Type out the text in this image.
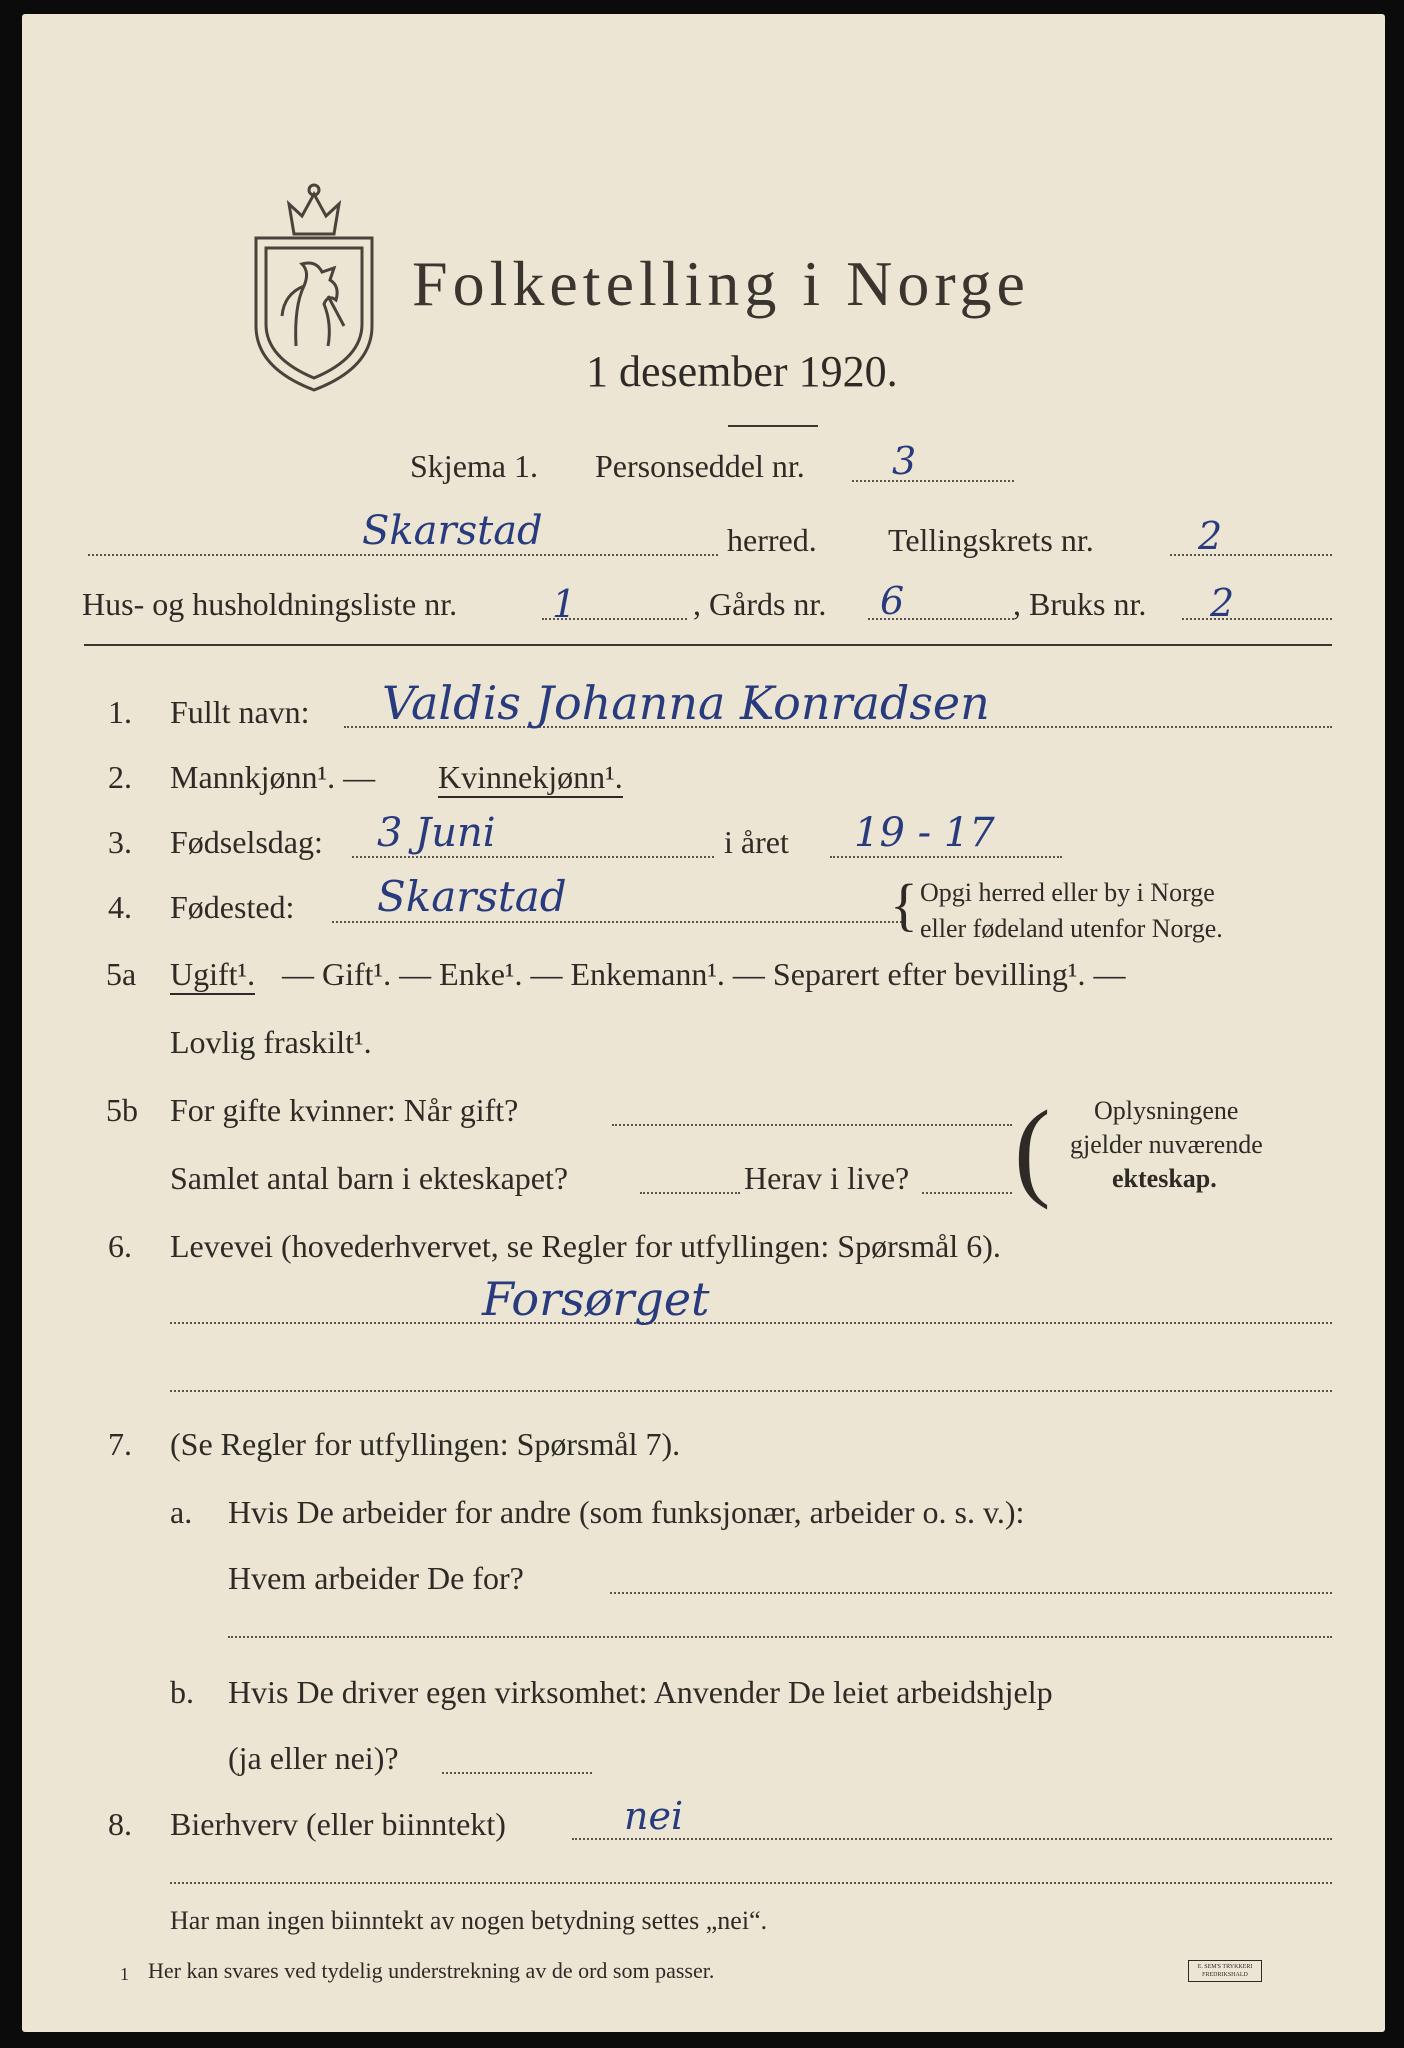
Folketelling i Norge
1 desember 1920.
Skjema 1. Personseddel nr. 3
Skarstad	herred. Tellingskrets nr.	2
Hus- og husholdningsliste nr. 1	, Gårds nr. 6	, Bruks nr. 2
1. Fullt navn: Valdis Johanna Konradsen
2. Mannkjønn¹. — Kvinnekjønn¹.
3. Fødselsdag: 3 Juni	i året 19 - 17
4. Fødested: Skarstad	{ Opgi herred eller by i Norge
eller fødeland utenfor Norge.
5a Ugift¹. — Gift¹. — Enke¹. — Enkemann¹. — Separert efter bevilling¹. —
Lovlig fraskilt¹.
5b For gifte kvinner: Når gift?
Samlet antal barn i ekteskapet?	Herav i live? ( Oplysningene
gjelder nuværende
ekteskap.
6. Levevei (hovederhvervet, se Regler for utfyllingen: Spørsmål 6).
Forsørget
7. (Se Regler for utfyllingen: Spørsmål 7).
a. Hvis De arbeider for andre (som funksjonær, arbeider o. s. v.):
Hvem arbeider De for?
b. Hvis De driver egen virksomhet: Anvender De leiet arbeidshjelp
(ja eller nei)?
8. Bierhverv (eller biinntekt)	nei
Har man ingen biinntekt av nogen betydning settes „nei“.
1 Her kan svares ved tydelig understrekning av de ord som passer.	E. SEM'S TRYKKERI FREDRIKSHALD
